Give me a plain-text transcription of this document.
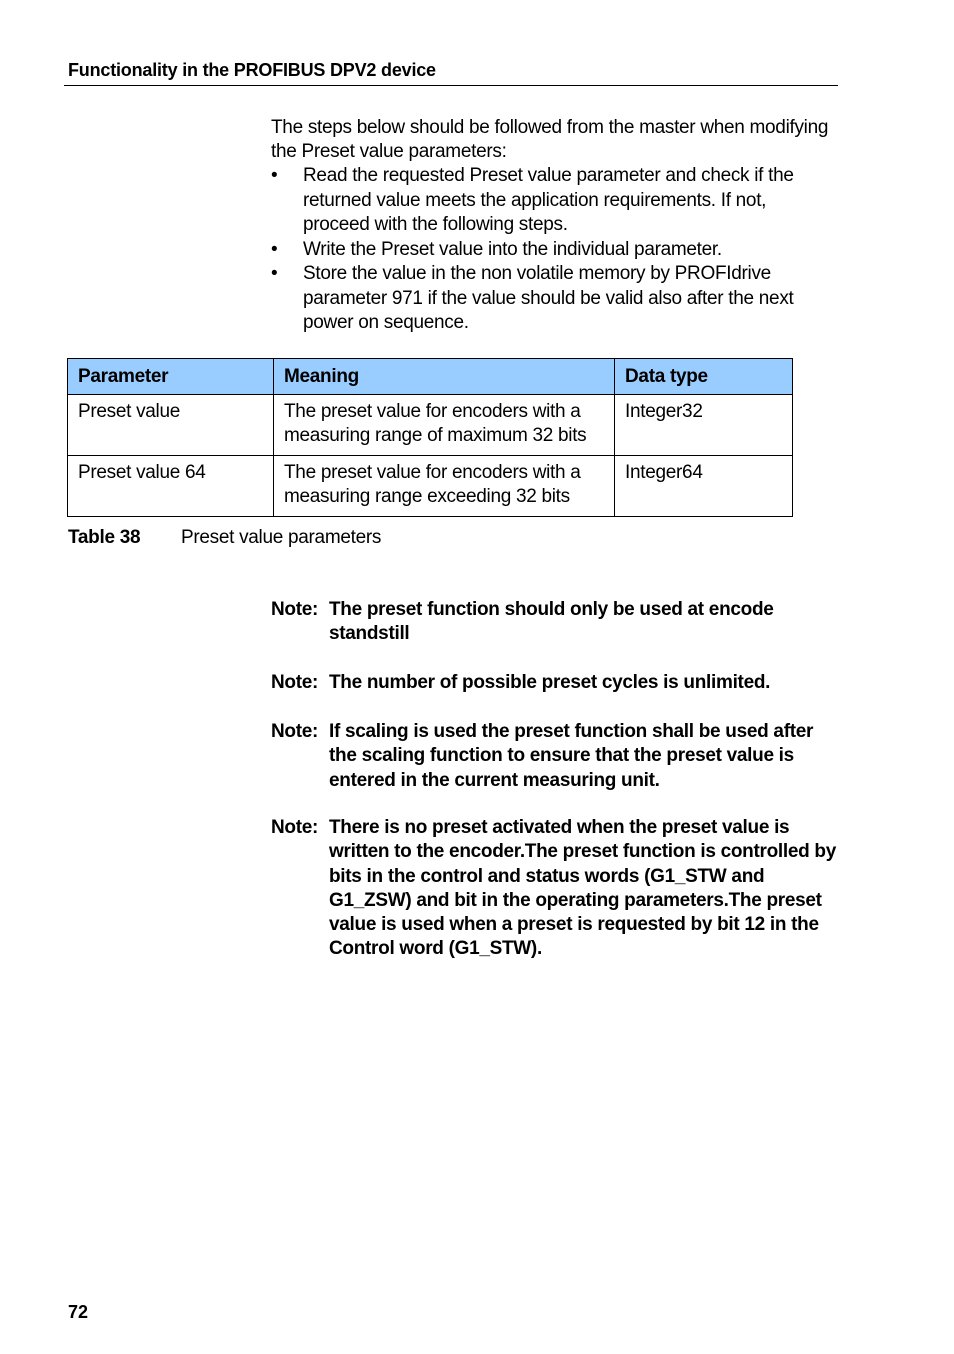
Functionality in the PROFIBUS DPV2 device

The steps below should be followed from the master when modifying the Preset value parameters:

• Read the requested Preset value parameter and check if the returned value meets the application requirements. If not, proceed with the following steps.
• Write the Preset value into the individual parameter.
• Store the value in the non volatile memory by PROFIdrive parameter 971 if the value should be valid also after the next power on sequence.
Parameter	Meaning	Data type
Preset value	The preset value for encoders with a measuring range of maximum 32 bits	Integer32
Preset value 64	The preset value for encoders with a measuring range exceeding 32 bits	Integer64
Table 38 Preset value parameters
Note: The preset function should only be used at encode standstill
Note: The number of possible preset cycles is unlimited.
Note: If scaling is used the preset function shall be used after the scaling function to ensure that the preset value is entered in the current measuring unit.
Note: There is no preset activated when the preset value is written to the encoder.The preset function is controlled by bits in the control and status words (G1_STW and G1_ZSW) and bit in the operating parameters.The preset value is used when a preset is requested by bit 12 in the Control word (G1_STW).
72
